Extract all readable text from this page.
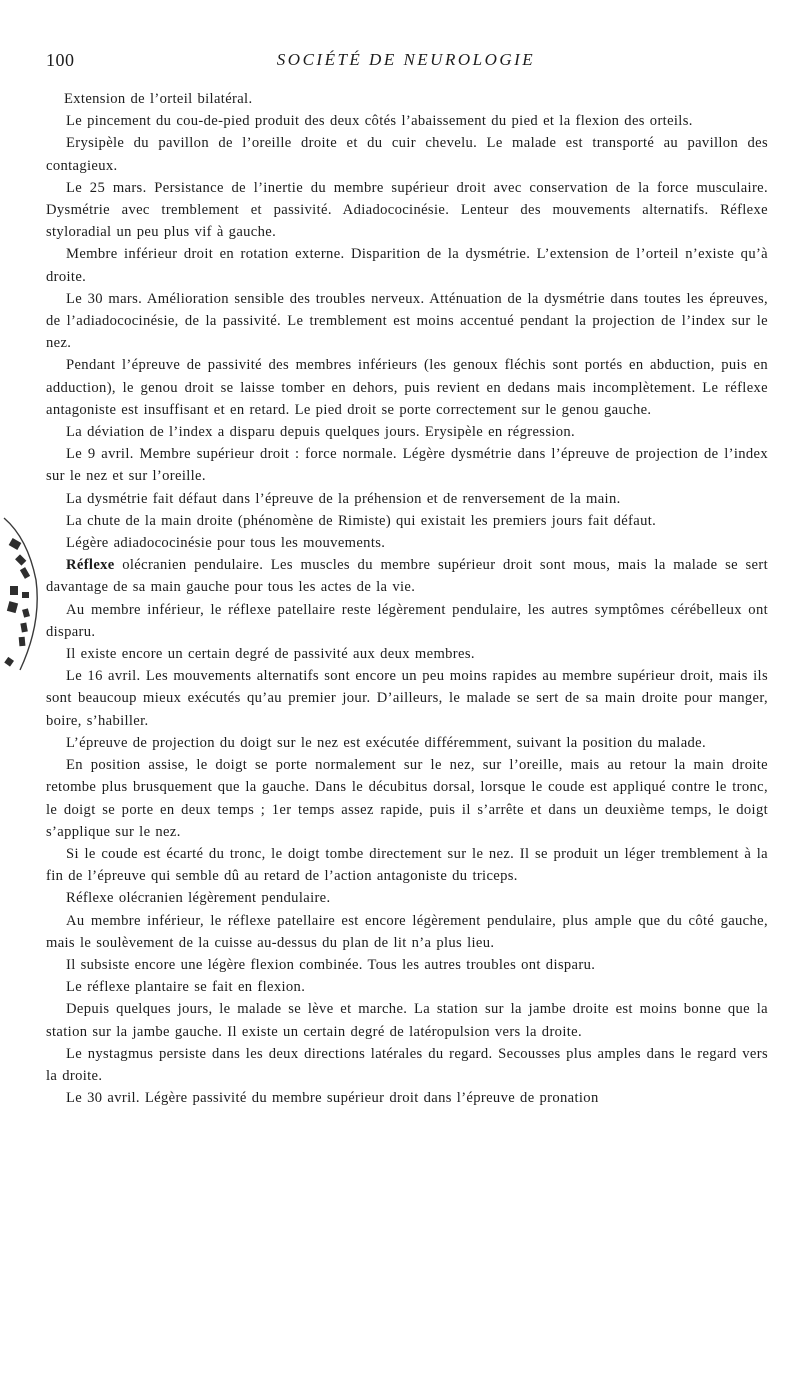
100	SOCIÉTÉ DE NEUROLOGIE

Extension de l’orteil bilatéral.

Le pincement du cou-de-pied produit des deux côtés l’abaissement du pied et la flexion des orteils.

Erysipèle du pavillon de l’oreille droite et du cuir chevelu. Le malade est transporté au pavillon des contagieux.

Le 25 mars. Persistance de l’inertie du membre supérieur droit avec conservation de la force musculaire. Dysmétrie avec tremblement et passivité. Adiadococinésie. Lenteur des mouvements alternatifs. Réflexe styloradial un peu plus vif à gauche.

Membre inférieur droit en rotation externe. Disparition de la dysmétrie. L’extension de l’orteil n’existe qu’à droite.

Le 30 mars. Amélioration sensible des troubles nerveux. Atténuation de la dysmétrie dans toutes les épreuves, de l’adiadococinésie, de la passivité. Le tremblement est moins accentué pendant la projection de l’index sur le nez.

Pendant l’épreuve de passivité des membres inférieurs (les genoux fléchis sont portés en abduction, puis en adduction), le genou droit se laisse tomber en dehors, puis revient en dedans mais incomplètement. Le réflexe antagoniste est insuffisant et en retard. Le pied droit se porte correctement sur le genou gauche.

La déviation de l’index a disparu depuis quelques jours. Erysipèle en régression.

Le 9 avril. Membre supérieur droit : force normale. Légère dysmétrie dans l’épreuve de projection de l’index sur le nez et sur l’oreille.

La dysmétrie fait défaut dans l’épreuve de la préhension et de renversement de la main.

La chute de la main droite (phénomène de Rimiste) qui existait les premiers jours fait défaut.

Légère adiadococinésie pour tous les mouvements.

Réflexe olécranien pendulaire. Les muscles du membre supérieur droit sont mous, mais la malade se sert davantage de sa main gauche pour tous les actes de la vie.

Au membre inférieur, le réflexe patellaire reste légèrement pendulaire, les autres symptômes cérébelleux ont disparu.

Il existe encore un certain degré de passivité aux deux membres.

Le 16 avril. Les mouvements alternatifs sont encore un peu moins rapides au membre supérieur droit, mais ils sont beaucoup mieux exécutés qu’au premier jour. D’ailleurs, le malade se sert de sa main droite pour manger, boire, s’habiller.

L’épreuve de projection du doigt sur le nez est exécutée différemment, suivant la position du malade.

En position assise, le doigt se porte normalement sur le nez, sur l’oreille, mais au retour la main droite retombe plus brusquement que la gauche. Dans le décubitus dorsal, lorsque le coude est appliqué contre le tronc, le doigt se porte en deux temps ; 1er temps assez rapide, puis il s’arrête et dans un deuxième temps, le doigt s’applique sur le nez.

Si le coude est écarté du tronc, le doigt tombe directement sur le nez. Il se produit un léger tremblement à la fin de l’épreuve qui semble dû au retard de l’action antagoniste du triceps.

Réflexe olécranien légèrement pendulaire.

Au membre inférieur, le réflexe patellaire est encore légèrement pendulaire, plus ample que du côté gauche, mais le soulèvement de la cuisse au-dessus du plan de lit n’a plus lieu.

Il subsiste encore une légère flexion combinée. Tous les autres troubles ont disparu.

Le réflexe plantaire se fait en flexion.

Depuis quelques jours, le malade se lève et marche. La station sur la jambe droite est moins bonne que la station sur la jambe gauche. Il existe un certain degré de latéropulsion vers la droite.

Le nystagmus persiste dans les deux directions latérales du regard. Secousses plus amples dans le regard vers la droite.

Le 30 avril. Légère passivité du membre supérieur droit dans l’épreuve de pronation
